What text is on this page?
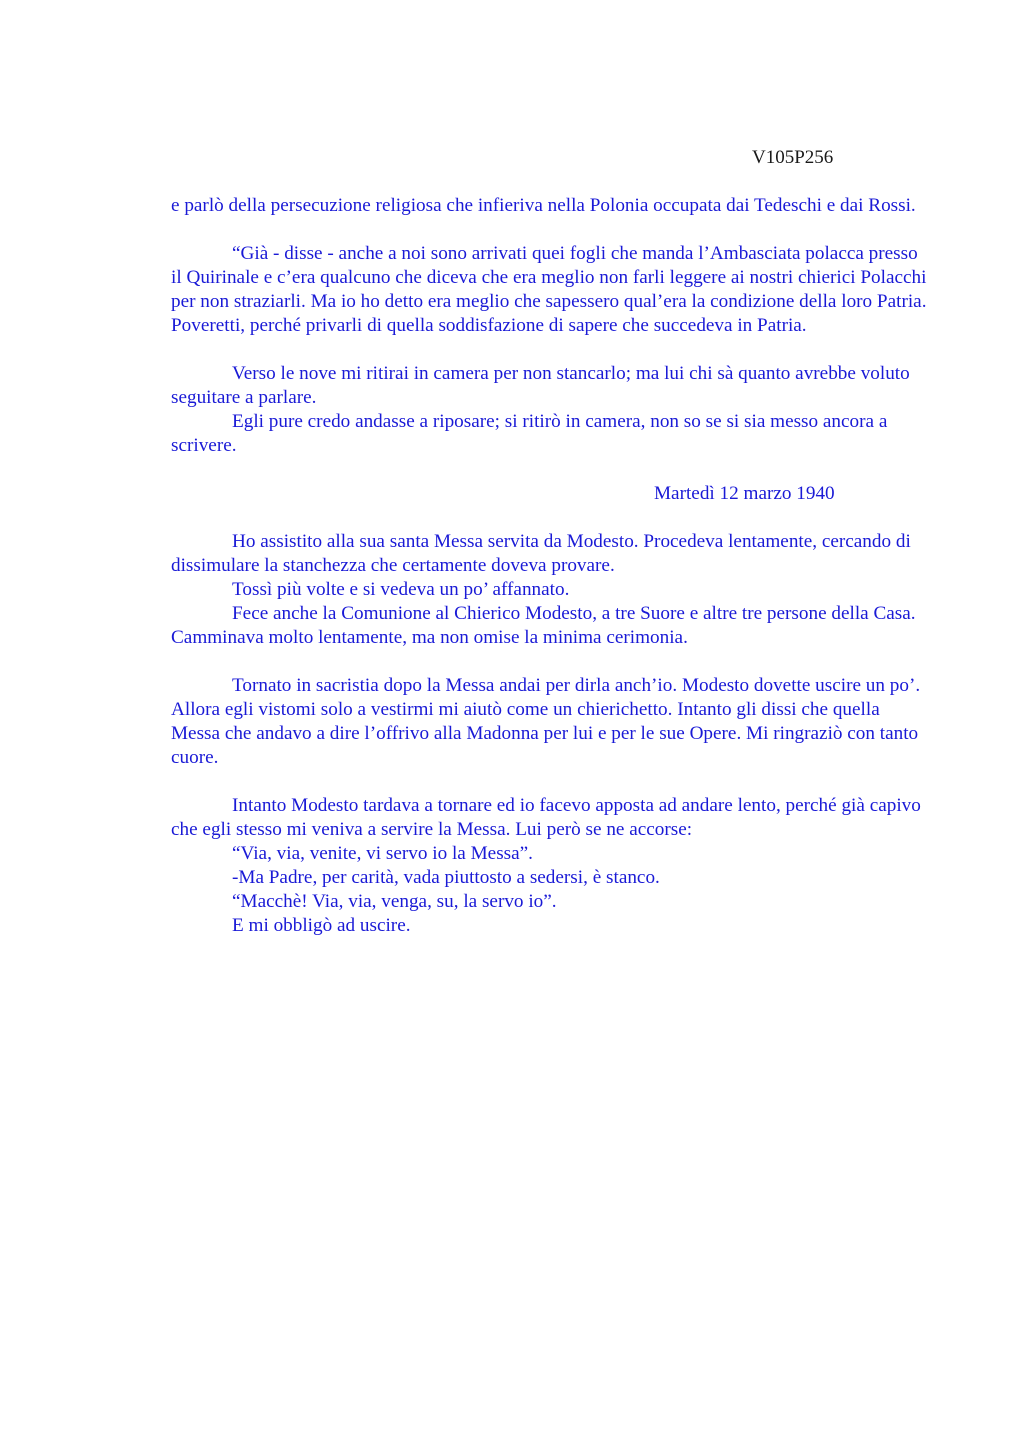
V105P256

e parlò della persecuzione religiosa che infieriva nella Polonia occupata dai Tedeschi e dai Rossi.

“Già - disse - anche a noi sono arrivati quei fogli che manda l’Ambasciata polacca presso il Quirinale e c’era qualcuno che diceva che era meglio non farli leggere ai nostri chierici Polacchi per non straziarli. Ma io ho detto era meglio che sapessero qual’era la condizione della loro Patria. Poveretti, perché privarli di quella soddisfazione di sapere che succedeva in Patria.

Verso le nove mi ritirai in camera per non stancarlo; ma lui chi sà quanto avrebbe voluto seguitare a parlare.

Egli pure credo andasse a riposare; si ritirò in camera, non so se si sia messo ancora a scrivere.

Martedì 12 marzo 1940

Ho assistito alla sua santa Messa servita da Modesto. Procedeva lentamente, cercando di dissimulare la stanchezza che certamente doveva provare.

Tossì più volte e si vedeva un po’ affannato.

Fece anche la Comunione al Chierico Modesto, a tre Suore e altre tre persone della Casa. Camminava molto lentamente, ma non omise la minima cerimonia.

Tornato in sacristia dopo la Messa andai per dirla anch’io. Modesto dovette uscire un po’. Allora egli vistomi solo a vestirmi mi aiutò come un chierichetto. Intanto gli dissi che quella Messa che andavo a dire l’offrivo alla Madonna per lui e per le sue Opere. Mi ringraziò con tanto cuore.

Intanto Modesto tardava a tornare ed io facevo apposta ad andare lento, perché già capivo che egli stesso mi veniva a servire la Messa. Lui però se ne accorse:

“Via, via, venite, vi servo io la Messa”.

-Ma Padre, per carità, vada piuttosto a sedersi, è stanco.

“Macchè! Via, via, venga, su, la servo io”.

E mi obbligò ad uscire.
